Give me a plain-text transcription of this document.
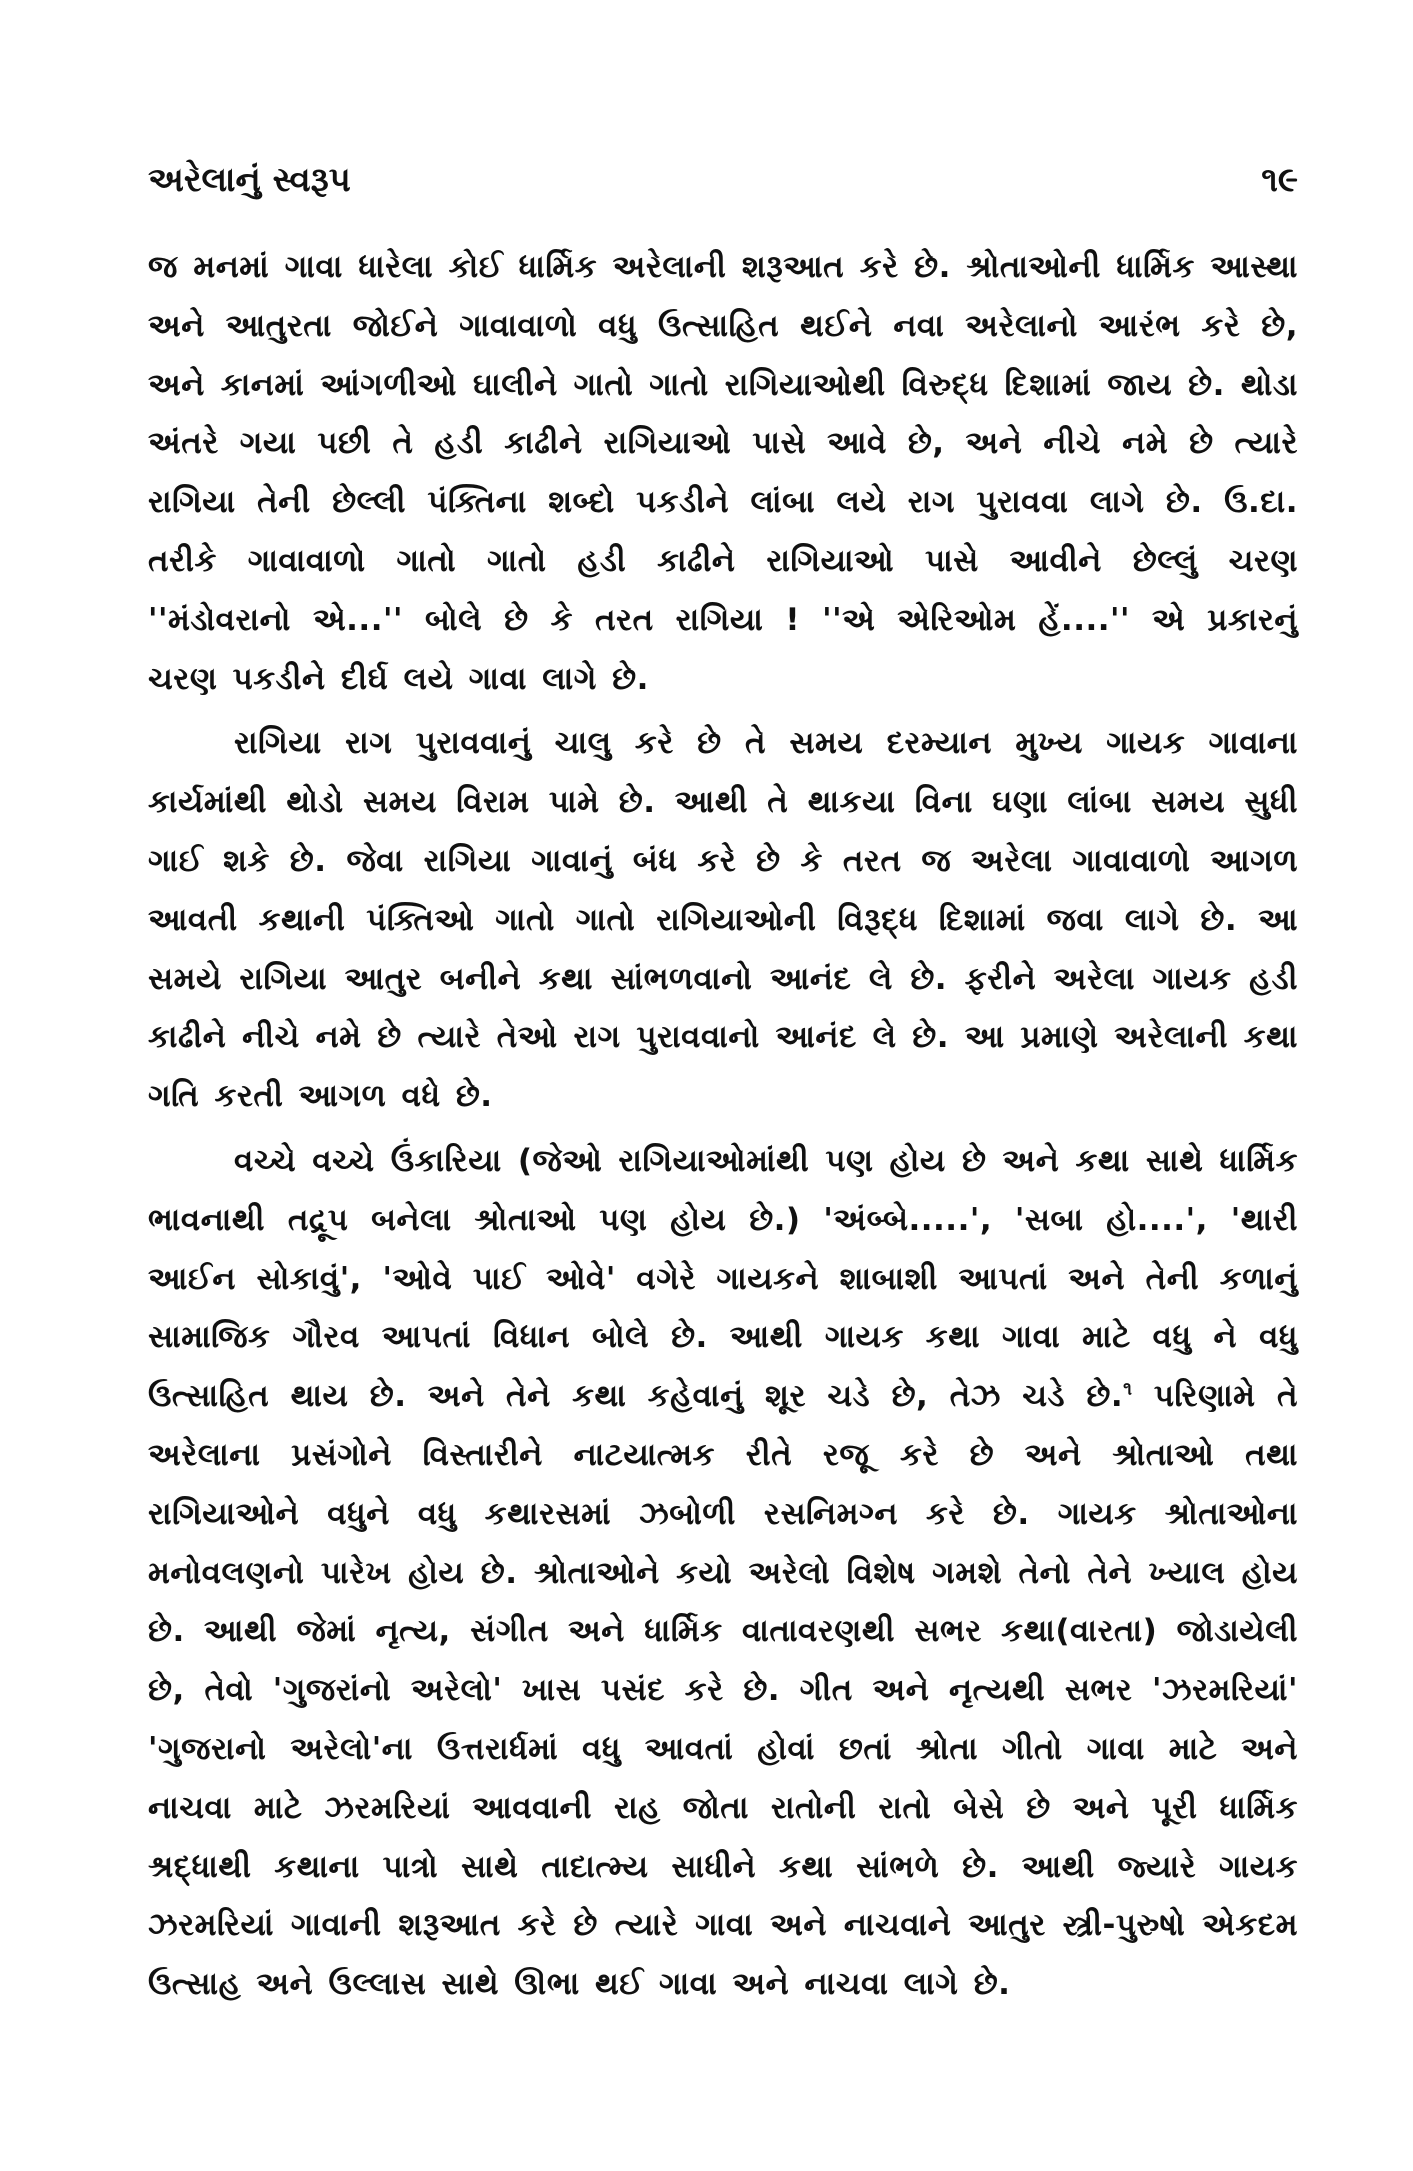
અરેલાનું સ્વરૂપ	૧૯

જ મનમાં ગાવા ધારેલા કોઈ ધાર્મિક અરેલાની શરૂઆત કરે છે. શ્રોતાઓની ધાર્મિક આસ્થા અને આતુરતા જોઈને ગાવાવાળો વધુ ઉત્સાહિત થઈને નવા અરેલાનો આરંભ કરે છે, અને કાનમાં આંગળીઓ ઘાલીને ગાતો ગાતો રાગિયાઓથી વિરુદ્ધ દિશામાં જાય છે. થોડા અંતરે ગયા પછી તે હડી કાઢીને રાગિયાઓ પાસે આવે છે, અને નીચે નમે છે ત્યારે રાગિયા તેની છેલ્લી પંક્તિના શબ્દો પકડીને લાંબા લયે રાગ પુરાવવા લાગે છે. ઉ.દા. તરીકે ગાવાવાળો ગાતો ગાતો હડી કાઢીને રાગિયાઓ પાસે આવીને છેલ્લું ચરણ ''મંડોવરાનો એ...'' બોલે છે કે તરત રાગિયા ! ''એ એરિઓમ હેં....'' એ પ્રકારનું ચરણ પકડીને દીર્ઘ લયે ગાવા લાગે છે.

રાગિયા રાગ પુરાવવાનું ચાલુ કરે છે તે સમય દરમ્યાન મુખ્ય ગાયક ગાવાના કાર્યમાંથી થોડો સમય વિરામ પામે છે. આથી તે થાકયા વિના ઘણા લાંબા સમય સુધી ગાઈ શકે છે. જેવા રાગિયા ગાવાનું બંધ કરે છે કે તરત જ અરેલા ગાવાવાળો આગળ આવતી કથાની પંક્તિઓ ગાતો ગાતો રાગિયાઓની વિરૂદ્ધ દિશામાં જવા લાગે છે. આ સમયે રાગિયા આતુર બનીને કથા સાંભળવાનો આનંદ લે છે. ફરીને અરેલા ગાયક હડી કાઢીને નીચે નમે છે ત્યારે તેઓ રાગ પુરાવવાનો આનંદ લે છે. આ પ્રમાણે અરેલાની કથા ગતિ કરતી આગળ વધે છે.

વચ્ચે વચ્ચે ઉંકારિયા (જેઓ રાગિયાઓમાંથી પણ હોય છે અને કથા સાથે ધાર્મિક ભાવનાથી તદ્રૂપ બનેલા શ્રોતાઓ પણ હોય છે.) 'અંબ્બે.....', 'સબા હો....', 'થારી આઈન સોકાવું', 'ઓવે પાઈ ઓવે' વગેરે ગાયકને શાબાશી આપતાં અને તેની કળાનું સામાજિક ગૌરવ આપતાં વિધાન બોલે છે. આથી ગાયક કથા ગાવા માટે વધુ ને વધુ ઉત્સાહિત થાય છે. અને તેને કથા કહેવાનું શૂર ચડે છે, તેઝ ચડે છે.$^૧$ પરિણામે તે અરેલાના પ્રસંગોને વિસ્તારીને નાટયાત્મક રીતે રજૂ કરે છે અને શ્રોતાઓ તથા રાગિયાઓને વધુને વધુ કથારસમાં ઝબોળી રસનિમગ્ન કરે છે. ગાયક શ્રોતાઓના મનોવલણનો પારેખ હોય છે. શ્રોતાઓને કયો અરેલો વિશેષ ગમશે તેનો તેને ખ્યાલ હોય છે. આથી જેમાં નૃત્ય, સંગીત અને ધાર્મિક વાતાવરણથી સભર કથા(વારતા) જોડાયેલી છે, તેવો 'ગુજરાંનો અરેલો' ખાસ પસંદ કરે છે. ગીત અને નૃત્યથી સભર 'ઝરમરિયાં' 'ગુજરાનો અરેલો'ના ઉત્તરાર્ધમાં વધુ આવતાં હોવાં છતાં શ્રોતા ગીતો ગાવા માટે અને નાચવા માટે ઝરમરિયાં આવવાની રાહ જોતા રાતોની રાતો બેસે છે અને પૂરી ધાર્મિક શ્રદ્ધાથી કથાના પાત્રો સાથે તાદાત્મ્ય સાધીને કથા સાંભળે છે. આથી જ્યારે ગાયક ઝરમરિયાં ગાવાની શરૂઆત કરે છે ત્યારે ગાવા અને નાચવાને આતુર સ્ત્રી-પુરુષો એકદમ ઉત્સાહ અને ઉલ્લાસ સાથે ઊભા થઈ ગાવા અને નાચવા લાગે છે.
